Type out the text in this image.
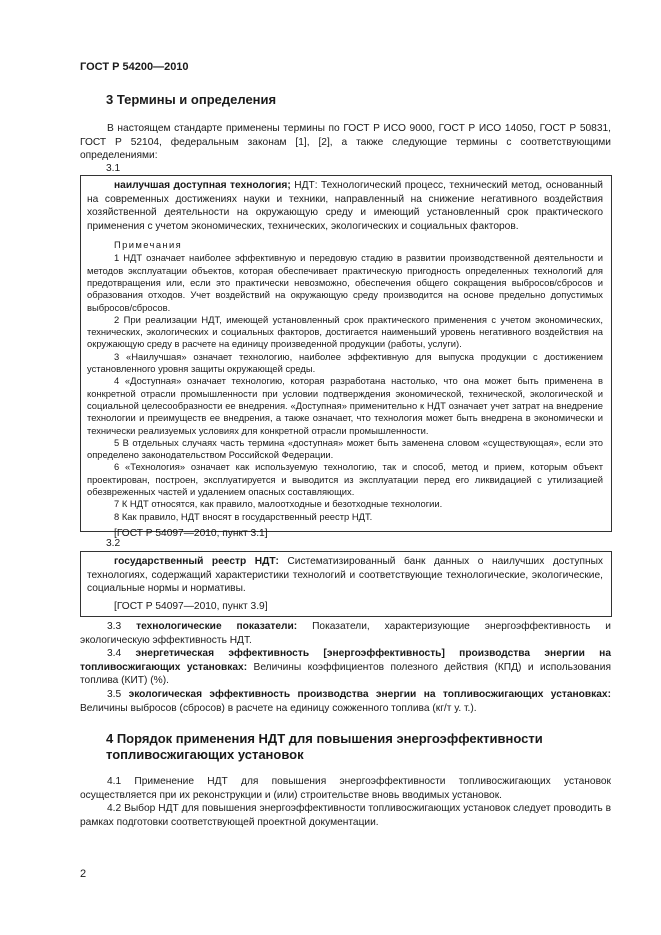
ГОСТ Р 54200—2010
3 Термины и определения

В настоящем стандарте применены термины по ГОСТ Р ИСО 9000, ГОСТ Р ИСО 14050, ГОСТ Р 50831, ГОСТ Р 52104, федеральным законам [1], [2], а также следующие термины с соответствующими определениями:

3.1

наилучшая доступная технология; НДТ: Технологический процесс, технический метод, основанный на современных достижениях науки и техники, направленный на снижение негативного воздействия хозяйственной деятельности на окружающую среду и имеющий установленный срок практического применения с учетом экономических, технических, экологических и социальных факторов.

Примечания

1 НДТ означает наиболее эффективную и передовую стадию в развитии производственной деятельности и методов эксплуатации объектов, которая обеспечивает практическую пригодность определенных технологий для предотвращения или, если это практически невозможно, обеспечения общего сокращения выбросов/сбросов и образования отходов. Учет воздействий на окружающую среду производится на основе предельно допустимых выбросов/сбросов.

2 При реализации НДТ, имеющей установленный срок практического применения с учетом экономических, технических, экологических и социальных факторов, достигается наименьший уровень негативного воздействия на окружающую среду в расчете на единицу произведенной продукции (работы, услуги).

3 «Наилучшая» означает технологию, наиболее эффективную для выпуска продукции с достижением установленного уровня защиты окружающей среды.

4 «Доступная» означает технологию, которая разработана настолько, что она может быть применена в конкретной отрасли промышленности при условии подтверждения экономической, технической, экологической и социальной целесообразности ее внедрения. «Доступная» применительно к НДТ означает учет затрат на внедрение технологии и преимуществ ее внедрения, а также означает, что технология может быть внедрена в экономически и технически реализуемых условиях для конкретной отрасли промышленности.

5 В отдельных случаях часть термина «доступная» может быть заменена словом «существующая», если это определено законодательством Российской Федерации.

6 «Технология» означает как используемую технологию, так и способ, метод и прием, которым объект проектирован, построен, эксплуатируется и выводится из эксплуатации перед его ликвидацией с утилизацией обезвреженных частей и удалением опасных составляющих.

7 К НДТ относятся, как правило, малоотходные и безотходные технологии.

8 Как правило, НДТ вносят в государственный реестр НДТ.

[ГОСТ Р 54097—2010, пункт 3.1]

3.2

государственный реестр НДТ: Систематизированный банк данных о наилучших доступных технологиях, содержащий характеристики технологий и соответствующие технологические, экологические, социальные нормы и нормативы.

[ГОСТ Р 54097—2010, пункт 3.9]

3.3 технологические показатели: Показатели, характеризующие энергоэффективность и экологическую эффективность НДТ.

3.4 энергетическая эффективность [энергоэффективность] производства энергии на топливосжигающих установках: Величины коэффициентов полезного действия (КПД) и использования топлива (КИТ) (%).

3.5 экологическая эффективность производства энергии на топливосжигающих установках: Величины выбросов (сбросов) в расчете на единицу сожженного топлива (кг/т у. т.).

4 Порядок применения НДТ для повышения энергоэффективности топливосжигающих установок

4.1 Применение НДТ для повышения энергоэффективности топливосжигающих установок осуществляется при их реконструкции и (или) строительстве вновь вводимых установок.

4.2 Выбор НДТ для повышения энергоэффективности топливосжигающих установок следует проводить в рамках подготовки соответствующей проектной документации.

2
